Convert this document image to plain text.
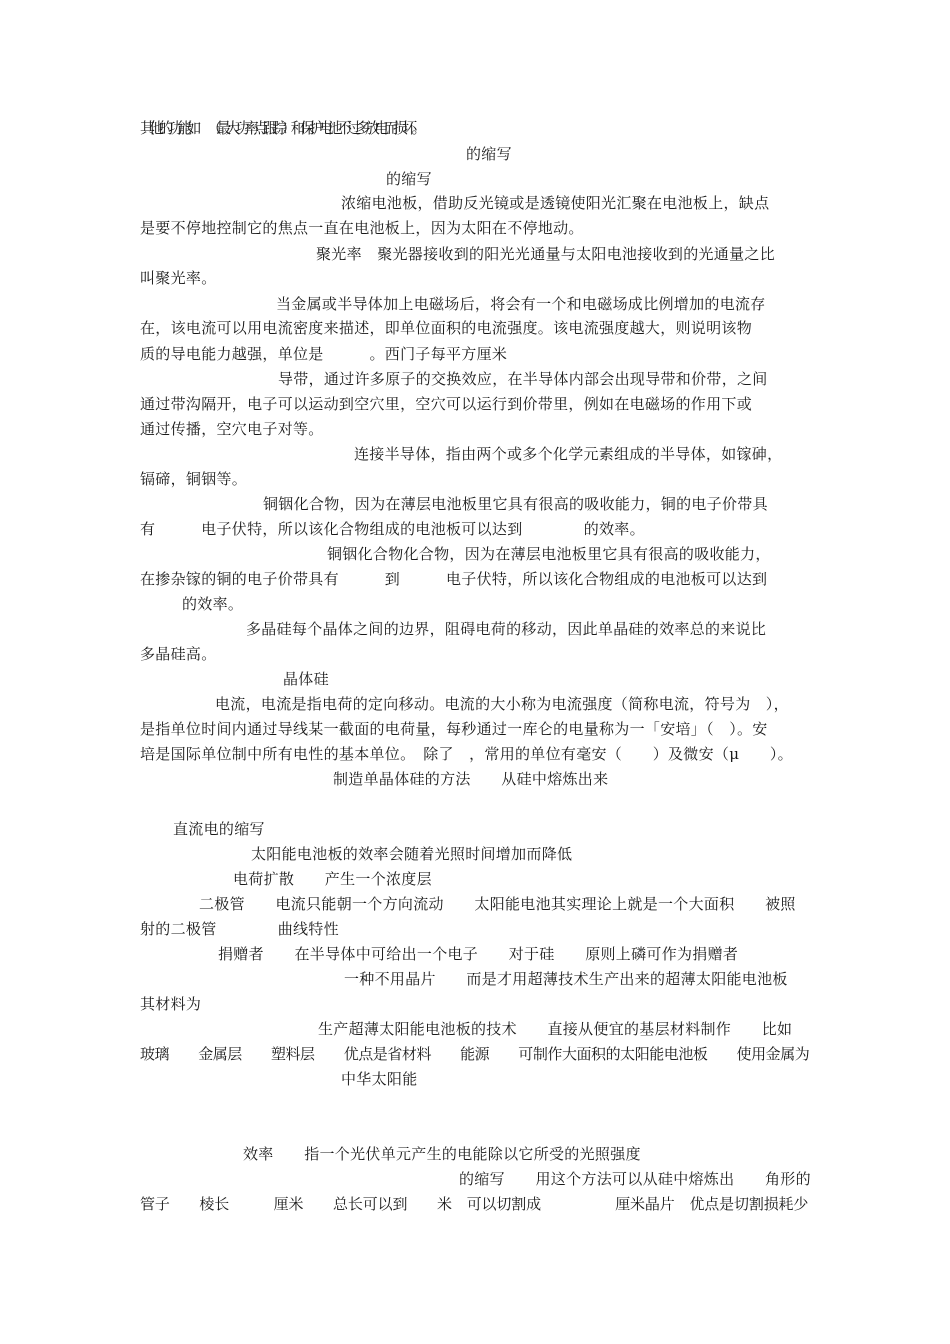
其他的功能如　　（最大功率点跟踪）和保护电池不过多放电而损坏。
的缩写
的缩写
浓缩电池板，借助反光镜或是透镜使阳光汇聚在电池板上，缺点
是要不停地控制它的焦点一直在电池板上，因为太阳在不停地动。
聚光率　聚光器接收到的阳光光通量与太阳电池接收到的光通量之比
叫聚光率。
当金属或半导体加上电磁场后，将会有一个和电磁场成比例增加的电流存
在，该电流可以用电流密度来描述，即单位面积的电流强度。该电流强度越大，则说明该物
质的导电能力越强，单位是　　　。西门子每平方厘米
导带，通过许多原子的交换效应，在半导体内部会出现导带和价带，之间
通过带沟隔开，电子可以运动到空穴里，空穴可以运行到价带里，例如在电磁场的作用下或
通过传播，空穴电子对等。
连接半导体，指由两个或多个化学元素组成的半导体，如镓砷，
镉碲，铜铟等。
铜铟化合物，因为在薄层电池板里它具有很高的吸收能力，铜的电子价带具
有　　　电子伏特，所以该化合物组成的电池板可以达到　　　　的效率。
铜铟化合物化合物，因为在薄层电池板里它具有很高的吸收能力，
在掺杂镓的铜的电子价带具有　　　到　　　电子伏特，所以该化合物组成的电池板可以达到
的效率。
多晶硅每个晶体之间的边界，阻碍电荷的移动，因此单晶硅的效率总的来说比
多晶硅高。
晶体硅
电流，电流是指电荷的定向移动。电流的大小称为电流强度（简称电流，符号为　），
是指单位时间内通过导线某一截面的电荷量，每秒通过一库仑的电量称为一「安培」（　）。安
培是国际单位制中所有电性的基本单位。　除了　，常用的单位有毫安（　　）及微安（μ　　）。
制造单晶体硅的方法　　从硅中熔炼出来
直流电的缩写
太阳能电池板的效率会随着光照时间增加而降低
电荷扩散　　产生一个浓度层
二极管　　电流只能朝一个方向流动　　太阳能电池其实理论上就是一个大面积　　被照
射的二极管　　　　曲线特性
捐赠者　　在半导体中可给出一个电子　　对于硅　　原则上磷可作为捐赠者
一种不用晶片　　而是才用超薄技术生产出来的超薄太阳能电池板
其材料为
生产超薄太阳能电池板的技术　　直接从便宜的基层材料制作　　比如
玻璃　　金属层　　塑料层　　优点是省材料　　能源　　可制作大面积的太阳能电池板　　使用金属为
中华太阳能
效率　　指一个光伏单元产生的电能除以它所受的光照强度
的缩写　　用这个方法可以从硅中熔炼出　　角形的
管子　　棱长　　　厘米　　总长可以到　　米　可以切割成　　　　　厘米晶片　优点是切割损耗少
